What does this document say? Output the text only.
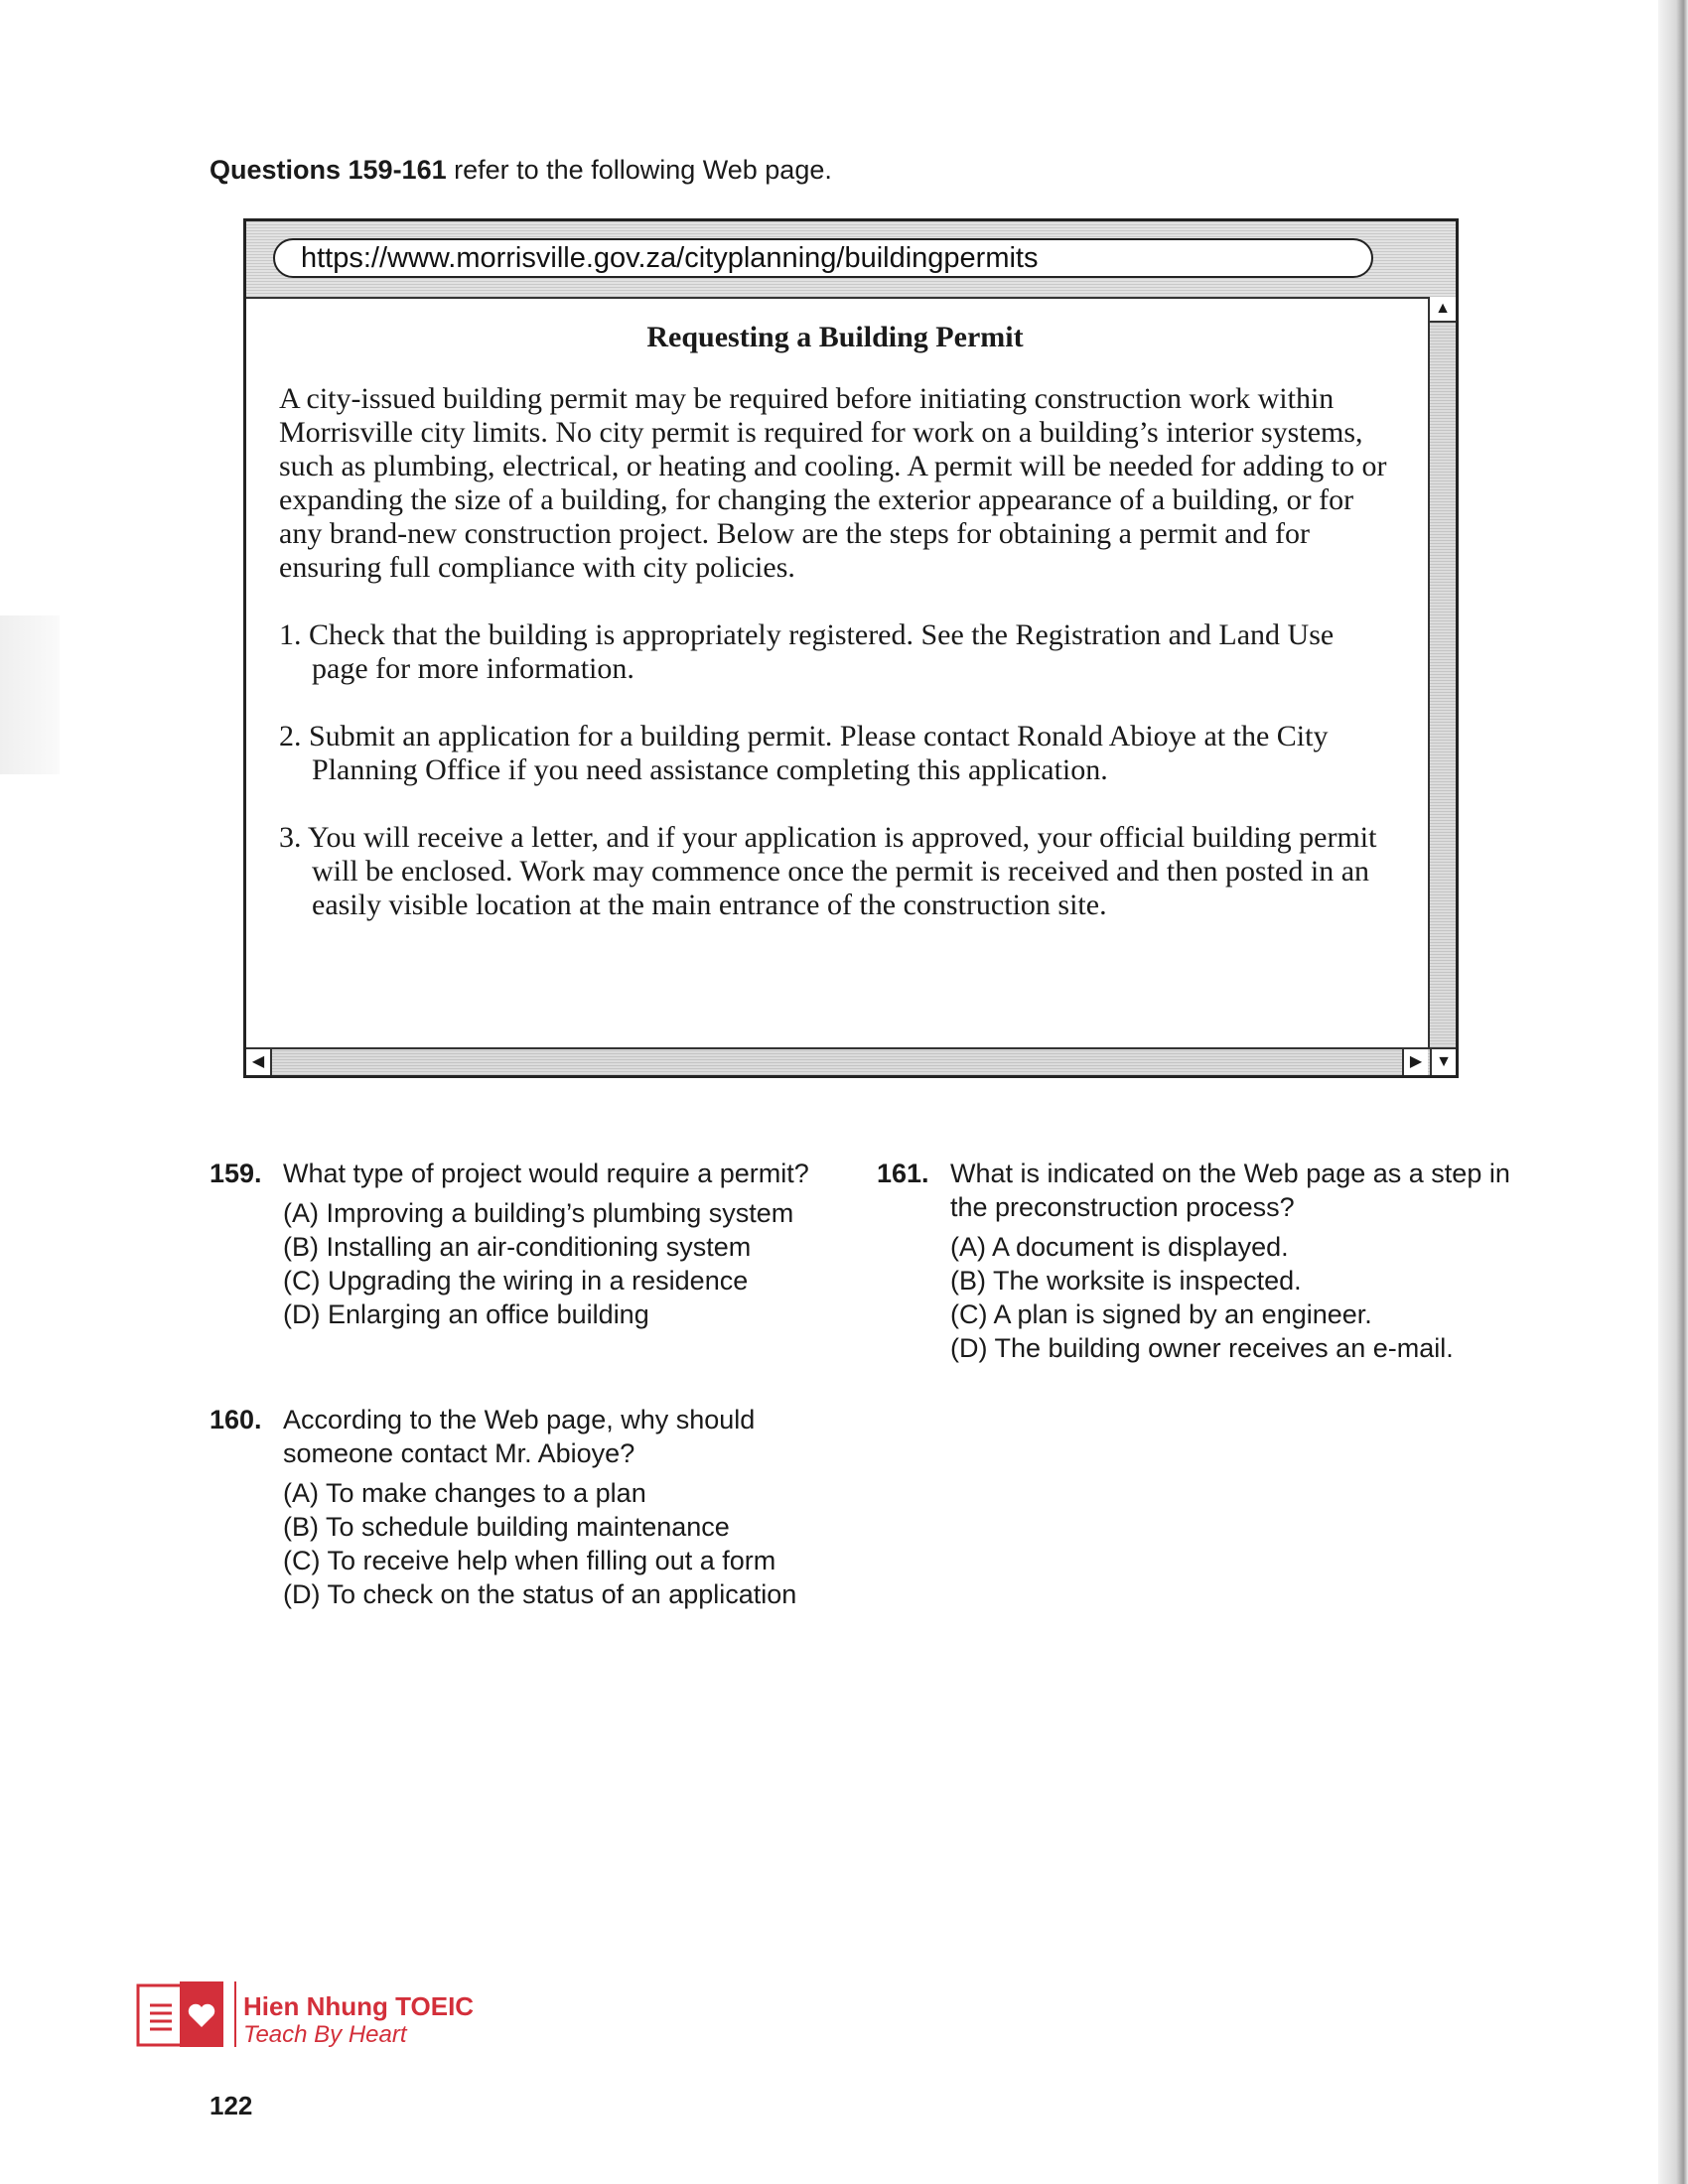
Questions 159-161 refer to the following Web page.
https://www.morrisville.gov.za/cityplanning/buildingpermits
Requesting a Building Permit

A city-issued building permit may be required before initiating construction work within Morrisville city limits. No city permit is required for work on a building’s interior systems, such as plumbing, electrical, or heating and cooling. A permit will be needed for adding to or expanding the size of a building, for changing the exterior appearance of a building, or for any brand-new construction project. Below are the steps for obtaining a permit and for ensuring full compliance with city policies.

1. Check that the building is appropriately registered. See the Registration and Land Use page for more information.
2. Submit an application for a building permit. Please contact Ronald Abioye at the City Planning Office if you need assistance completing this application.
3. You will receive a letter, and if your application is approved, your official building permit will be enclosed. Work may commence once the permit is received and then posted in an easily visible location at the main entrance of the construction site.
▲
◀	▶ ▼
159. What type of project would require a permit?
(A) Improving a building’s plumbing system
(B) Installing an air-conditioning system
(C) Upgrading the wiring in a residence
(D) Enlarging an office building
160. According to the Web page, why should someone contact Mr. Abioye?
(A) To make changes to a plan
(B) To schedule building maintenance
(C) To receive help when filling out a form
(D) To check on the status of an application
161. What is indicated on the Web page as a step in the preconstruction process?
(A) A document is displayed.
(B) The worksite is inspected.
(C) A plan is signed by an engineer.
(D) The building owner receives an e-mail.
Hien Nhung TOEIC
Teach By Heart
122
